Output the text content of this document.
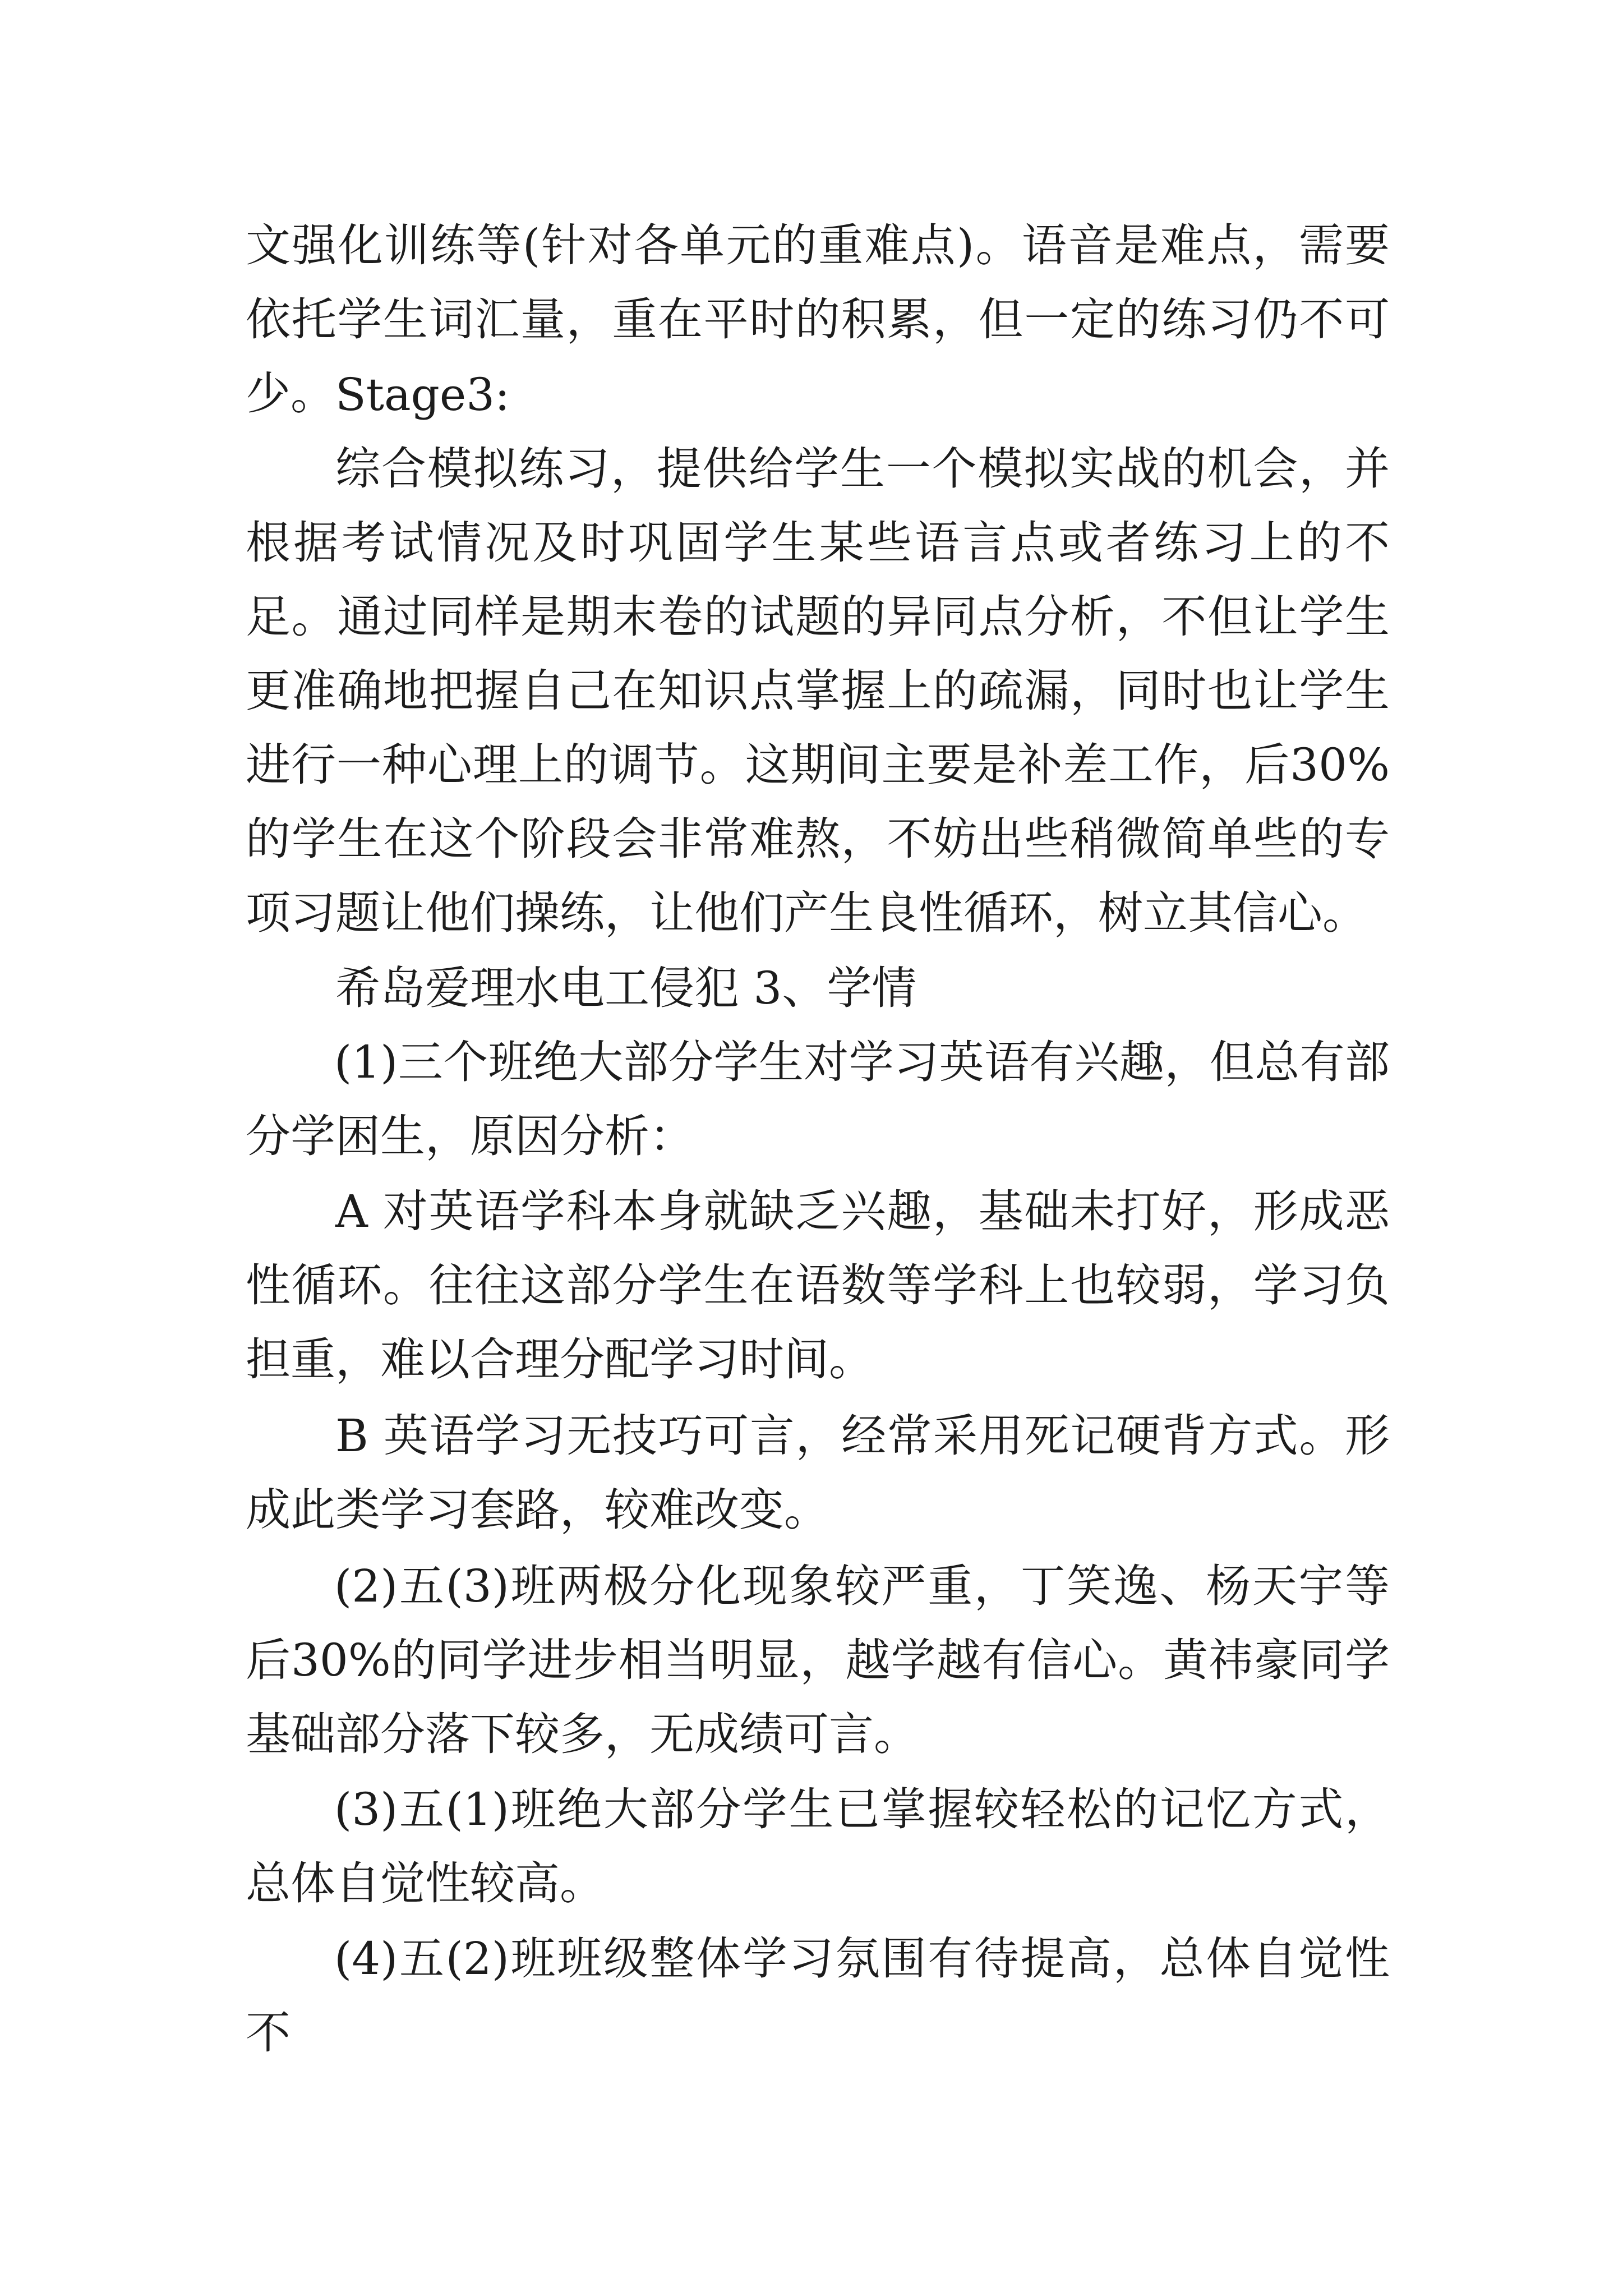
文强化训练等(针对各单元的重难点)。语音是难点，需要依托学生词汇量，重在平时的积累，但一定的练习仍不可少。 Stage3:

综合模拟练习，提供给学生一个模拟实战的机会，并根据考试情况及时巩固学生某些语言点或者练习上的不足。通过同样是期末卷的试题的异同点分析，不但让学生更准确地把握自己在知识点掌握上的疏漏，同时也让学生进行一种心理上的调节。这期间主要是补差工作，后30%的学生在这个阶段会非常难熬，不妨出些稍微简单些的专项习题让他们操练，让他们产生良性循环，树立其信心。

希岛爱理水电工侵犯 3、学情

(1)三个班绝大部分学生对学习英语有兴趣，但总有部分学困生，原因分析：

A 对英语学科本身就缺乏兴趣，基础未打好，形成恶性循环。往往这部分学生在语数等学科上也较弱，学习负担重，难以合理分配学习时间。

B 英语学习无技巧可言，经常采用死记硬背方式。形成此类学习套路，较难改变。

(2)五(3)班两极分化现象较严重，丁笑逸、杨天宇等后30%的同学进步相当明显，越学越有信心。黄祎豪同学基础部分落下较多，无成绩可言。

(3)五(1)班绝大部分学生已掌握较轻松的记忆方式，总体自觉性较高。

(4)五(2)班班级整体学习氛围有待提高，总体自觉性不
